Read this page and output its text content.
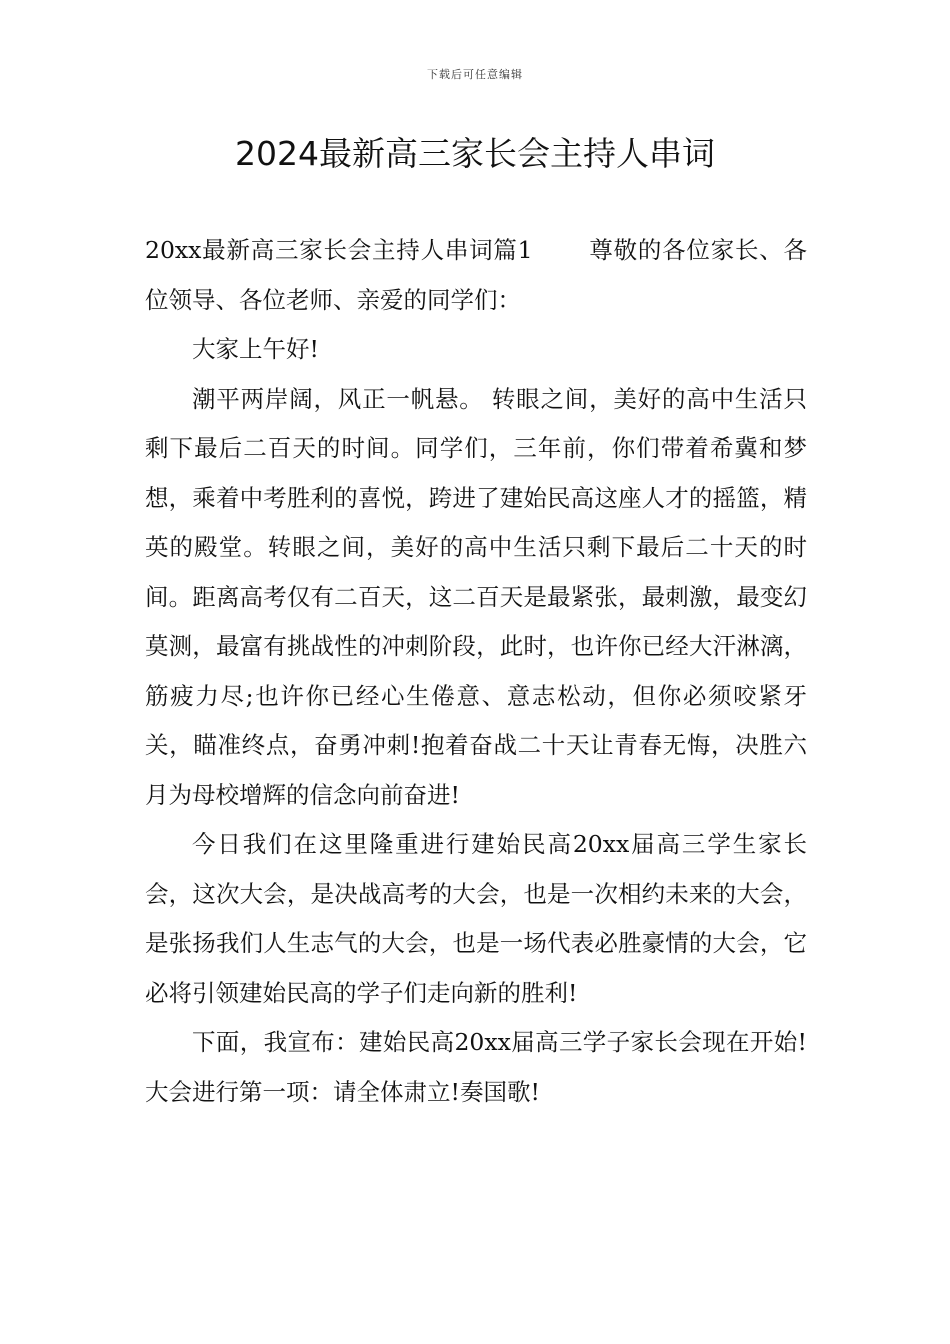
下载后可任意编辑
2024最新高三家长会主持人串词

20xx最新高三家长会主持人串词篇1 尊敬的各位家长、各位领导、各位老师、亲爱的同学们：

大家上午好!

潮平两岸阔，风正一帆悬。 转眼之间，美好的高中生活只剩下最后二百天的时间。同学们，三年前，你们带着希冀和梦想，乘着中考胜利的喜悦，跨进了建始民高这座人才的摇篮，精英的殿堂。转眼之间，美好的高中生活只剩下最后二十天的时间。距离高考仅有二百天，这二百天是最紧张，最刺激，最变幻莫测，最富有挑战性的冲刺阶段，此时，也许你已经大汗淋漓，筋疲力尽;也许你已经心生倦意、意志松动，但你必须咬紧牙关，瞄准终点，奋勇冲刺!抱着奋战二十天让青春无悔，决胜六月为母校增辉的信念向前奋进!

今日我们在这里隆重进行建始民高20xx届高三学生家长会，这次大会，是决战高考的大会，也是一次相约未来的大会，是张扬我们人生志气的大会，也是一场代表必胜豪情的大会，它必将引领建始民高的学子们走向新的胜利!

下面，我宣布：建始民高20xx届高三学子家长会现在开始! 大会进行第一项：请全体肃立!奏国歌!
